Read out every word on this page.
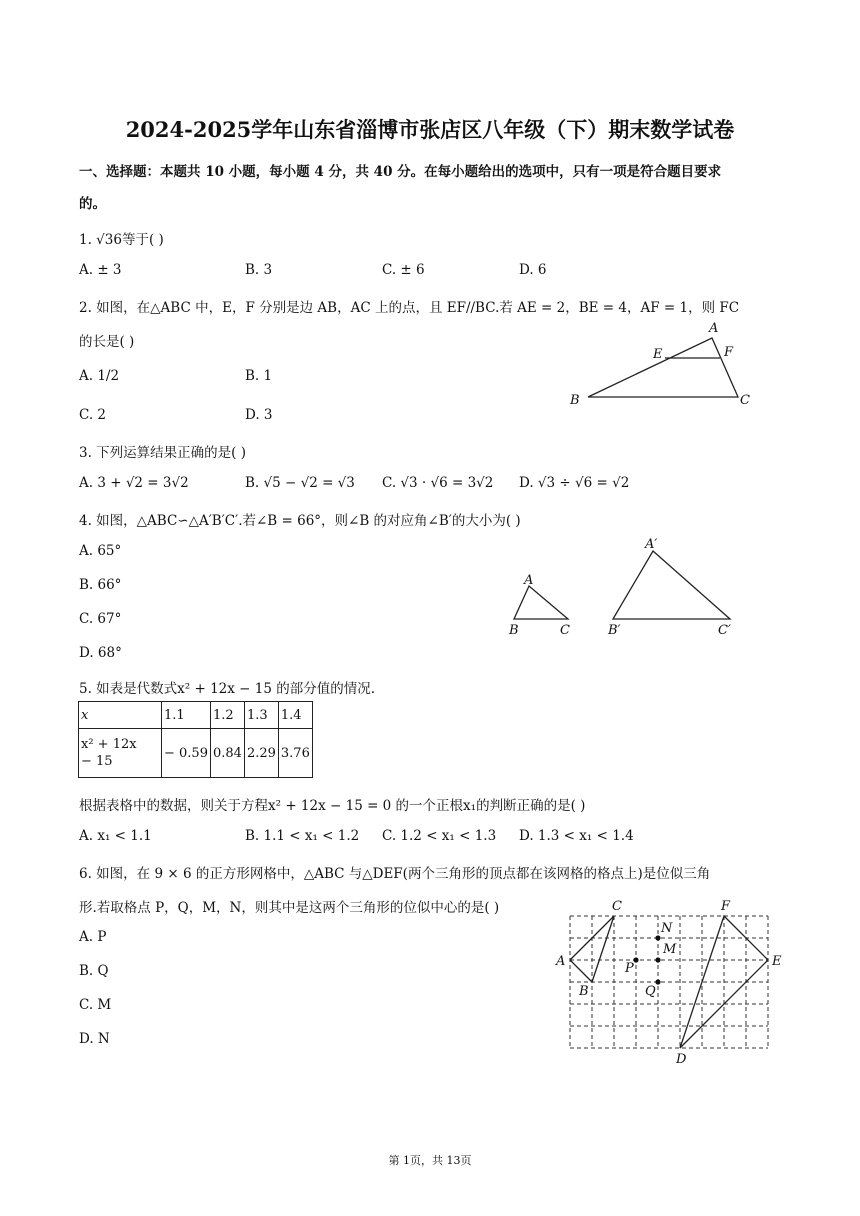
2024-2025学年山东省淄博市张店区八年级（下）期末数学试卷
一、选择题：本题共 10 小题，每小题 4 分，共 40 分。在每小题给出的选项中，只有一项是符合题目要求
的。
1. √36等于( )
A. ± 3	B. 3	C. ± 6	D. 6
2. 如图，在△ABC 中，E，F 分别是边 AB，AC 上的点，且 EF//BC.若 AE = 2，BE = 4，AF = 1，则 FC
的长是( )
A. 1/2	B. 1
C. 2	D. 3
A
E	F
B	C
3. 下列运算结果正确的是( )
A. 3 + √2 = 3√2	B. √5 − √2 = √3 C. √3 · √6 = 3√2 D. √3 ÷ √6 = √2
4. 如图，△ABC∽△A′B′C′.若∠B = 66°，则∠B 的对应角∠B′的大小为( )
A. 65°
B. 66°
C. 67°
D. 68°
A
B	C
A′
B′	C′
5. 如表是代数式x² + 12x − 15 的部分值的情况.
x	1.1	1.2	1.3	1.4

x² + 12x
− 15	− 0.59	0.84	2.29	3.76
根据表格中的数据，则关于方程x² + 12x − 15 = 0 的一个正根x₁的判断正确的是( )
A. x₁ < 1.1	B. 1.1 < x₁ < 1.2 C. 1.2 < x₁ < 1.3 D. 1.3 < x₁ < 1.4
6. 如图，在 9 × 6 的正方形网格中，△ABC 与△DEF(两个三角形的顶点都在该网格的格点上)是位似三角
形.若取格点 P，Q，M，N，则其中是这两个三角形的位似中心的是( )
A. P
B. Q
C. M
D. N
C
N
M
A	P
B	Q
F
E
D
第 1页，共 13页
